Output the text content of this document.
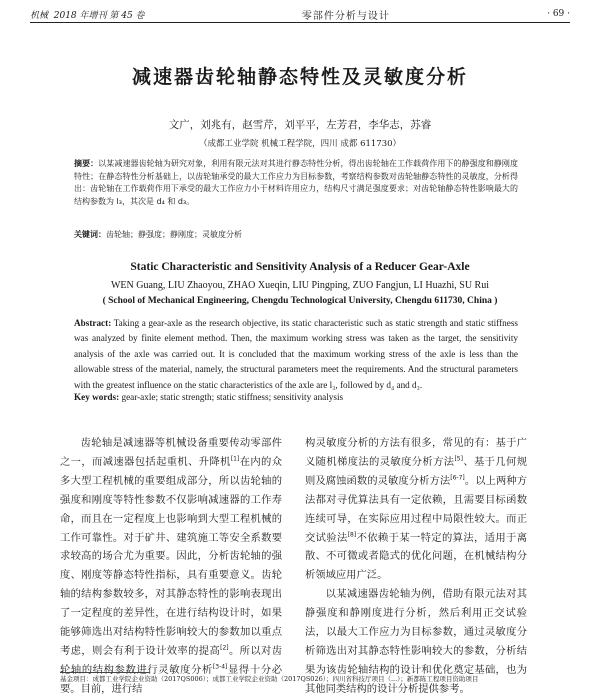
机械 2018 年增刊 第 45 卷	零部件分析与设计	· 69 ·
减速器齿轮轴静态特性及灵敏度分析
文广，刘兆有，赵雪芹，刘平平，左芳君，李华志，苏睿
（成都工业学院 机械工程学院，四川 成都 611730）
摘要：以某减速器齿轮轴为研究对象，利用有限元法对其进行静态特性分析，得出齿轮轴在工作载荷作用下的静强度和静刚度特性；在静态特性分析基础上，以齿轮轴承受的最大工作应力为目标参数，考察结构参数对齿轮轴静态特性的灵敏度，分析得出：齿轮轴在工作载荷作用下承受的最大工作应力小于材料许用应力，结构尺寸满足强度要求；对齿轮轴静态特性影响最大的结构参数为 l₃，其次是 d₄ 和 d₃。
关键词：齿轮轴；静强度；静刚度；灵敏度分析
Static Characteristic and Sensitivity Analysis of a Reducer Gear-Axle
WEN Guang, LIU Zhaoyou, ZHAO Xueqin, LIU Pingping, ZUO Fangjun, LI Huazhi, SU Rui
( School of Mechanical Engineering, Chengdu Technological University, Chengdu 611730, China )
Abstract: Taking a gear-axle as the research objective, its static characteristic such as static strength and static stiffness was analyzed by finite element method. Then, the maximum working stress was taken as the target, the sensitivity analysis of the axle was carried out. It is concluded that the maximum working stress of the axle is less than the allowable stress of the material, namely, the structural parameters meet the requirements. And the structural parameters with the greatest influence on the static characteristics of the axle are l₃, followed by d₄ and d₃.
Key words: gear-axle; static strength; static stiffness; sensitivity analysis

齿轮轴是减速器等机械设备重要传动零部件之一，而减速器包括起重机、升降机[1]在内的众多大型工程机械的重要组成部分，所以齿轮轴的强度和刚度等特性参数不仅影响减速器的工作寿命，而且在一定程度上也影响到大型工程机械的工作可靠性。对于矿井、建筑施工等安全系数要求较高的场合尤为重要。因此，分析齿轮轴的强度、刚度等静态特性指标，具有重要意义。齿轮轴的结构参数较多，对其静态特性的影响表现出了一定程度的差异性，在进行结构设计时，如果能够筛选出对结构特性影响较大的参数加以重点考虑，则会有利于设计效率的提高[2]。所以对齿轮轴的结构参数进行灵敏度分析[3-4]显得十分必要。目前，进行结

构灵敏度分析的方法有很多，常见的有：基于广义随机梯度法的灵敏度分析方法[5]、基于几何规则及腐蚀函数的灵敏度分析方法[6-7]。以上两种方法都对寻优算法具有一定依赖，且需要目标函数连续可导，在实际应用过程中局限性较大。而正交试验法[8]不依赖于某一特定的算法，适用于离散、不可微或者隐式的优化问题，在机械结构分析领域应用广泛。

以某减速器齿轮轴为例，借助有限元法对其静强度和静刚度进行分析，然后利用正交试验法，以最大工作应力为目标参数，通过灵敏度分析筛选出对其静态特性影响较大的参数，分析结果为该齿轮轴结构的设计和优化奠定基础，也为其他同类结构的设计分析提供参考。

基金项目：成都工业学院企业资助（2017QS006）；成都工业学院企业资助（2017QS026）；四川省科技厅项目（...）；新都陈工程项目资助项目
